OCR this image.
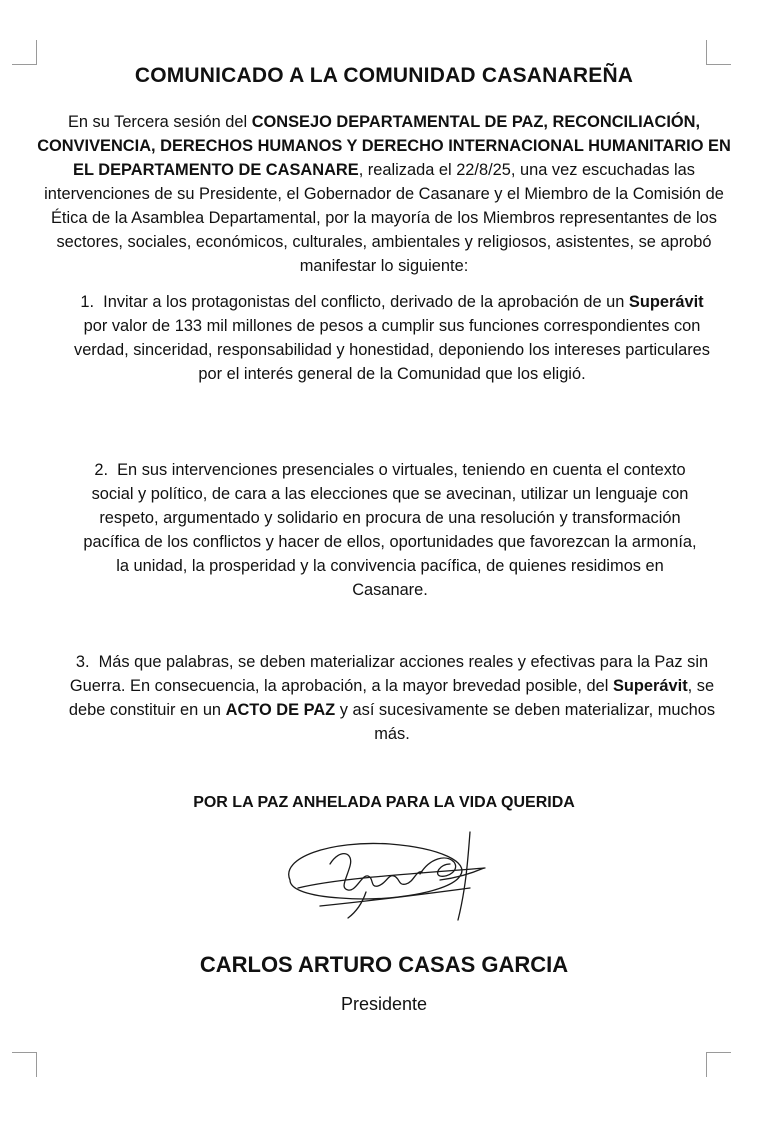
COMUNICADO A LA COMUNIDAD CASANAREÑA

En su Tercera sesión del CONSEJO DEPARTAMENTAL DE PAZ, RECONCILIACIÓN, CONVIVENCIA, DERECHOS HUMANOS Y DERECHO INTERNACIONAL HUMANITARIO EN EL DEPARTAMENTO DE CASANARE, realizada el 22/8/25, una vez escuchadas las intervenciones de su Presidente, el Gobernador de Casanare y el Miembro de la Comisión de Ética de la Asamblea Departamental, por la mayoría de los Miembros representantes de los sectores, sociales, económicos, culturales, ambientales y religiosos, asistentes, se aprobó manifestar lo siguiente:

1. Invitar a los protagonistas del conflicto, derivado de la aprobación de un Superávit por valor de 133 mil millones de pesos a cumplir sus funciones correspondientes con verdad, sinceridad, responsabilidad y honestidad, deponiendo los intereses particulares por el interés general de la Comunidad que los eligió.

2. En sus intervenciones presenciales o virtuales, teniendo en cuenta el contexto social y político, de cara a las elecciones que se avecinan, utilizar un lenguaje con respeto, argumentado y solidario en procura de una resolución y transformación pacífica de los conflictos y hacer de ellos, oportunidades que favorezcan la armonía, la unidad, la prosperidad y la convivencia pacífica, de quienes residimos en Casanare.

3. Más que palabras, se deben materializar acciones reales y efectivas para la Paz sin Guerra. En consecuencia, la aprobación, a la mayor brevedad posible, del Superávit, se debe constituir en un ACTO DE PAZ y así sucesivamente se deben materializar, muchos más.

POR LA PAZ ANHELADA PARA LA VIDA QUERIDA
CARLOS ARTURO CASAS GARCIA
Presidente
